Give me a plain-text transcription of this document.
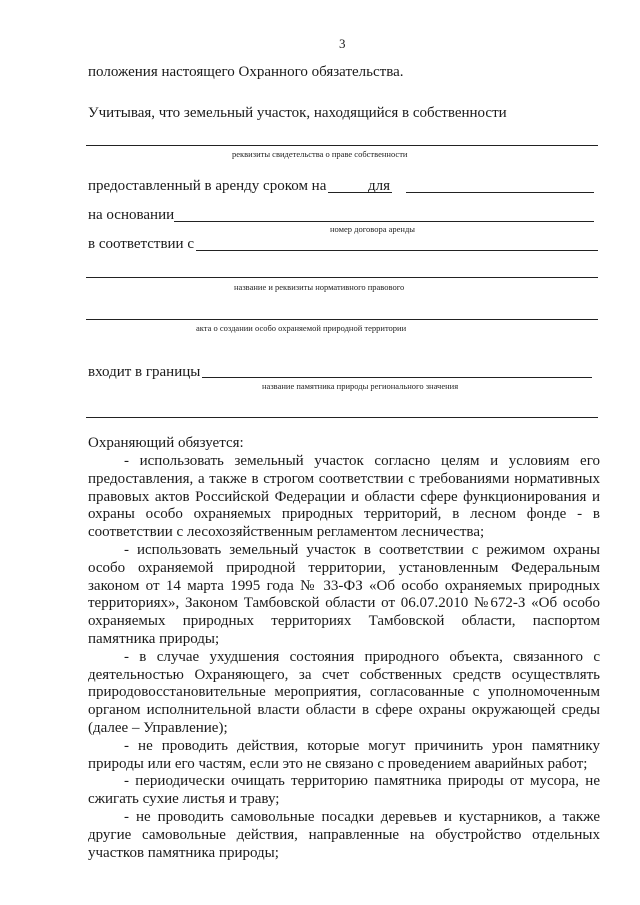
3
положения настоящего Охранного обязательства.
Учитывая, что земельный участок, находящийся в собственности
реквизиты свидетельства о праве собственности
предоставленный в аренду сроком на	для
на основании
номер договора аренды
в соответствии с
название и реквизиты нормативного правового
акта о создании особо охраняемой природной территории
входит в границы
название памятника природы регионального значения
Охраняющий обязуется:

- использовать земельный участок согласно целям и условиям его предоставления, а также в строгом соответствии с требованиями нормативных правовых актов Российской Федерации и области сфере функционирования и охраны особо охраняемых природных территорий, в лесном фонде - в соответствии с лесохозяйственным регламентом лесничества;

- использовать земельный участок в соответствии с режимом охраны особо охраняемой природной территории, установленным Федеральным законом от 14 марта 1995 года № 33-ФЗ «Об особо охраняемых природных территориях», Законом Тамбовской области от 06.07.2010 №672-З «Об особо охраняемых природных территориях Тамбовской области, паспортом памятника природы;

- в случае ухудшения состояния природного объекта, связанного с деятельностью Охраняющего, за счет собственных средств осуществлять природовосстановительные мероприятия, согласованные с уполномоченным органом исполнительной власти области в сфере охраны окружающей среды (далее – Управление);

- не проводить действия, которые могут причинить урон памятнику природы или его частям, если это не связано с проведением аварийных работ;

- периодически очищать территорию памятника природы от мусора, не сжигать сухие листья и траву;

- не проводить самовольные посадки деревьев и кустарников, а также другие самовольные действия, направленные на обустройство отдельных участков памятника природы;
